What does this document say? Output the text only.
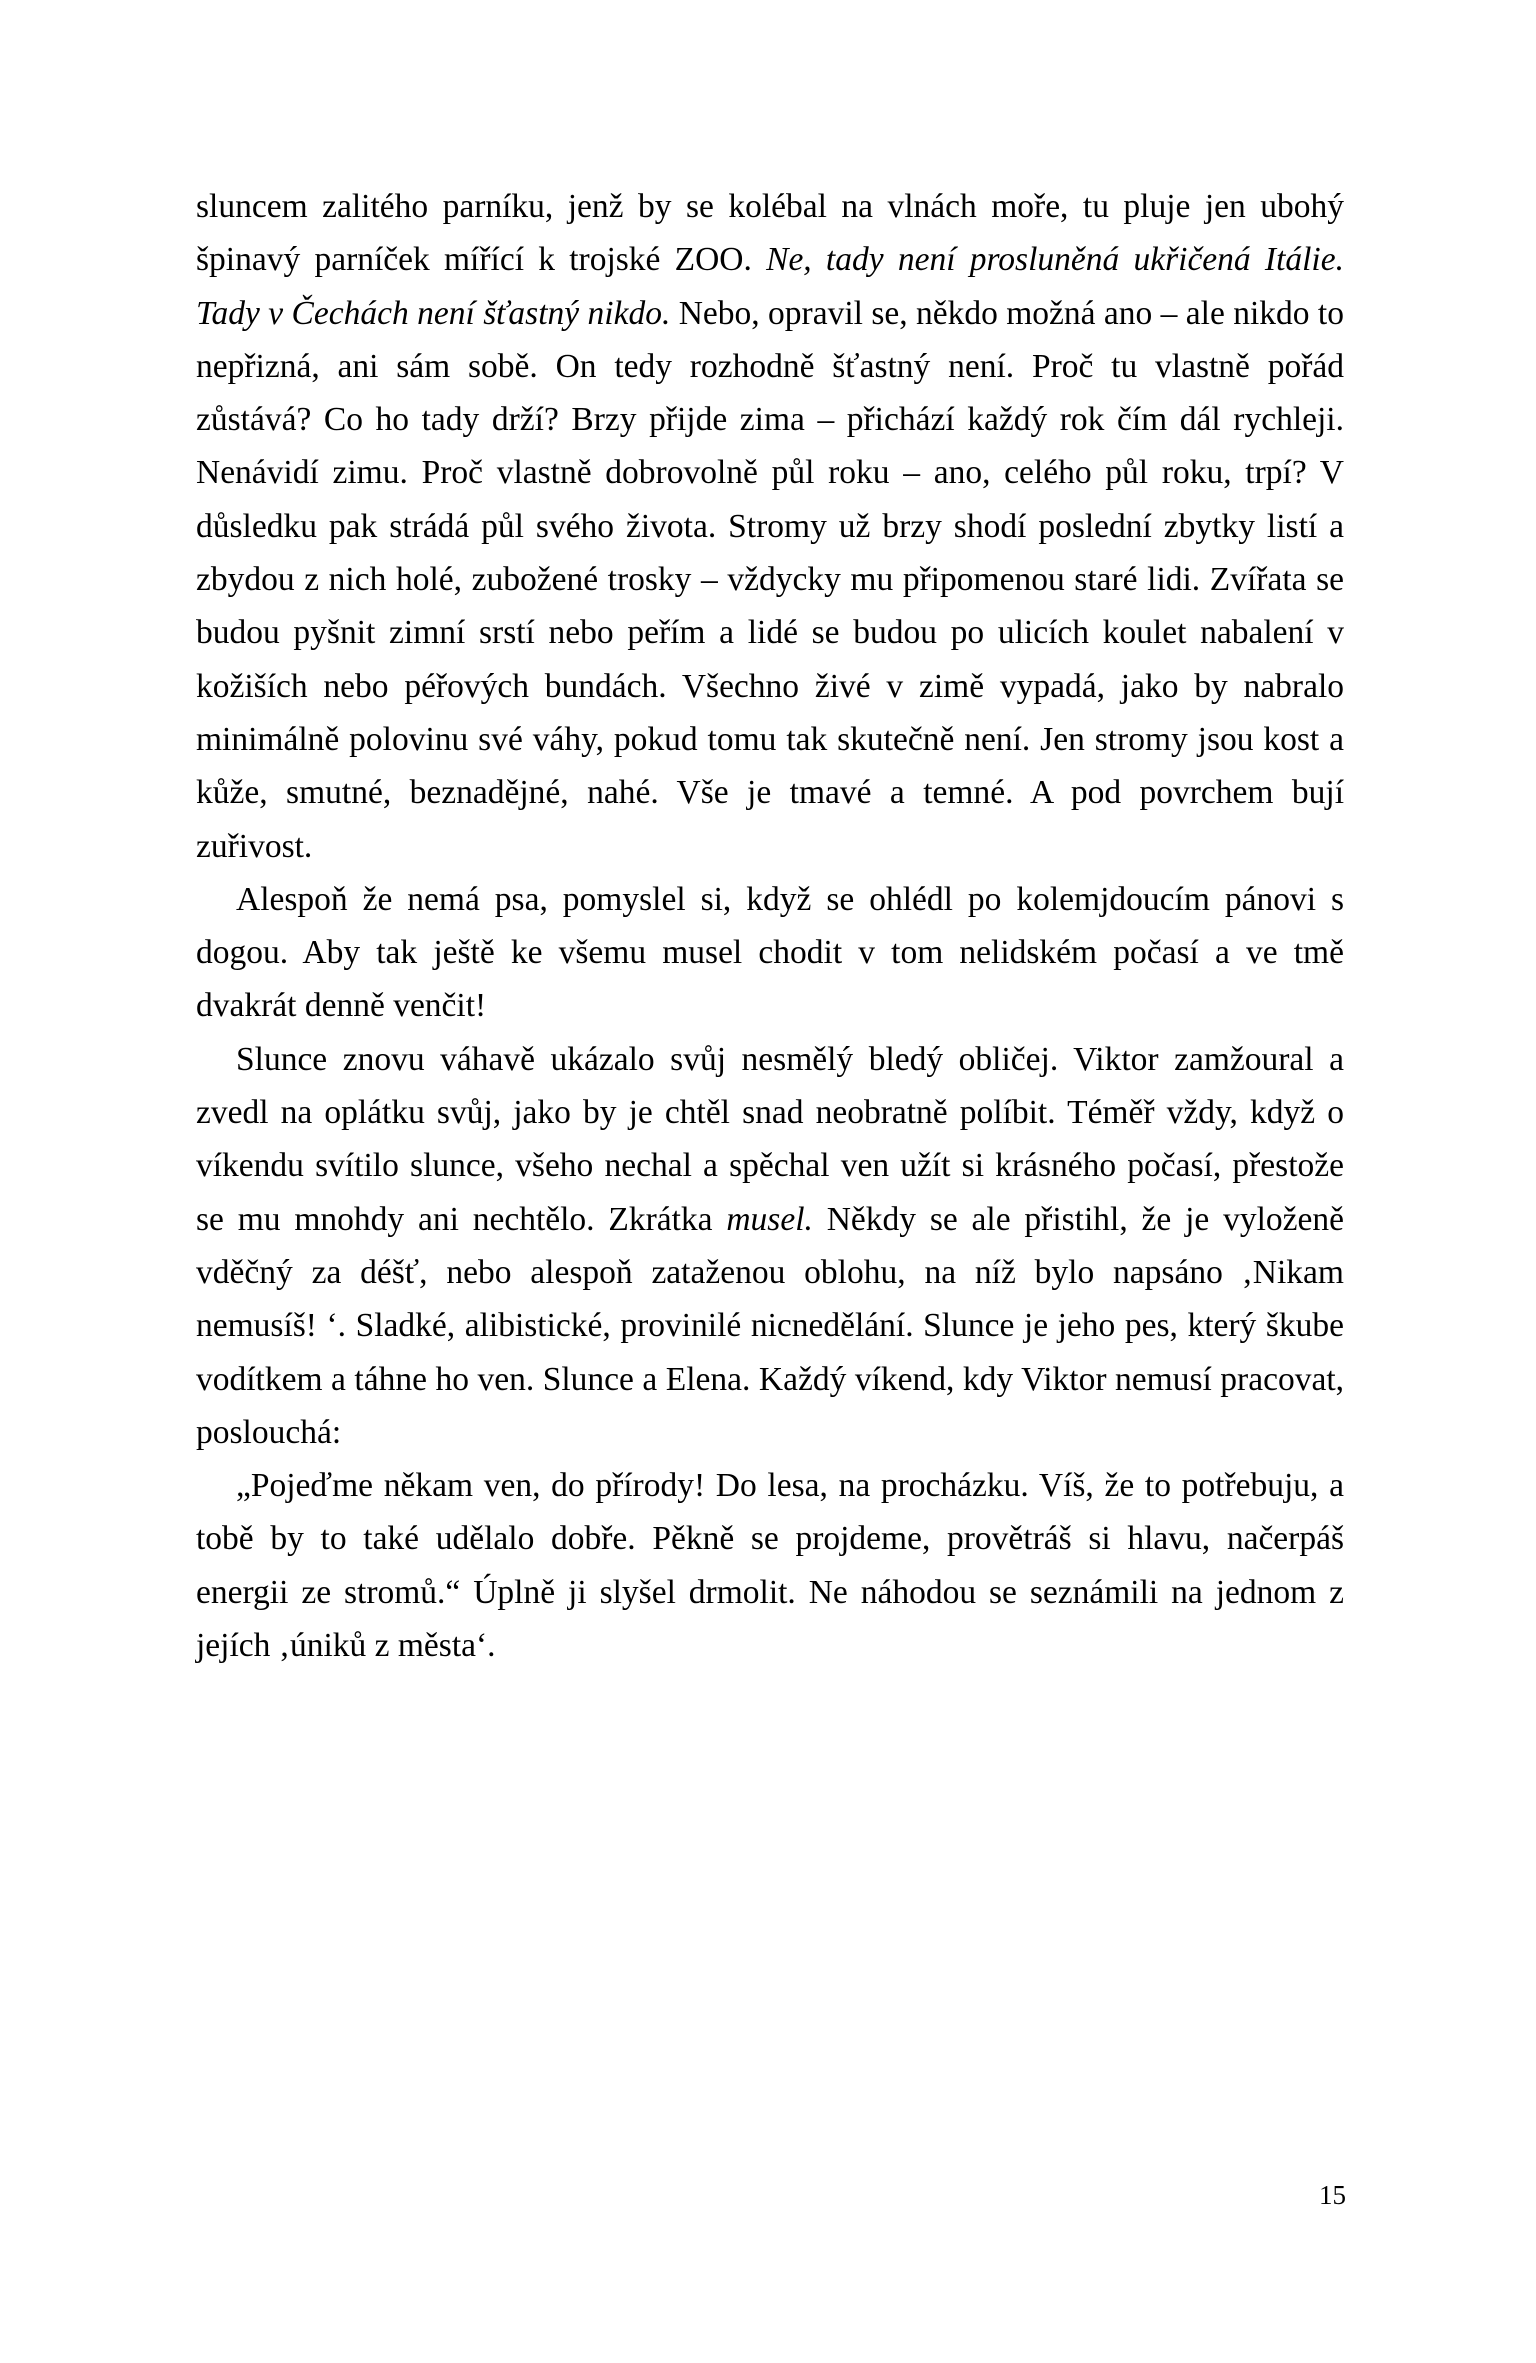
sluncem zalitého parníku, jenž by se kolébal na vlnách moře, tu pluje jen ubohý špinavý parníček mířící k trojské ZOO. Ne, tady není prosluněná ukřičená Itálie. Tady v Čechách není šťastný nikdo. Nebo, opravil se, někdo možná ano – ale nikdo to nepřizná, ani sám sobě. On tedy rozhodně šťastný není. Proč tu vlastně pořád zůstává? Co ho tady drží? Brzy přijde zima – přichází každý rok čím dál rychleji. Nenávidí zimu. Proč vlastně dobrovolně půl roku – ano, celého půl roku, trpí? V důsledku pak strádá půl svého života. Stromy už brzy shodí poslední zbytky listí a zbydou z nich holé, zubožené trosky – vždycky mu připomenou staré lidi. Zvířata se budou pyšnit zimní srstí nebo peřím a lidé se budou po ulicích koulet nabalení v kožiších nebo péřových bundách. Všechno živé v zimě vypadá, jako by nabralo minimálně polovinu své váhy, pokud tomu tak skutečně není. Jen stromy jsou kost a kůže, smutné, beznadějné, nahé. Vše je tmavé a temné. A pod povrchem bují zuřivost.

Alespoň že nemá psa, pomyslel si, když se ohlédl po kolemjdoucím pánovi s dogou. Aby tak ještě ke všemu musel chodit v tom nelidském počasí a ve tmě dvakrát denně venčit!

Slunce znovu váhavě ukázalo svůj nesmělý bledý obličej. Viktor zamžoural a zvedl na oplátku svůj, jako by je chtěl snad neobratně políbit. Téměř vždy, když o víkendu svítilo slunce, všeho nechal a spěchal ven užít si krásného počasí, přestože se mu mnohdy ani nechtělo. Zkrátka musel. Někdy se ale přistihl, že je vyloženě vděčný za déšť, nebo alespoň zataženou oblohu, na níž bylo napsáno ‚Nikam nemusíš! ‘. Sladké, alibistické, provinilé nicnedělání. Slunce je jeho pes, který škube vodítkem a táhne ho ven. Slunce a Elena. Každý víkend, kdy Viktor nemusí pracovat, poslouchá:

„Pojeďme někam ven, do přírody! Do lesa, na procházku. Víš, že to potřebuju, a tobě by to také udělalo dobře. Pěkně se projdeme, provětráš si hlavu, načerpáš energii ze stromů.“ Úplně ji slyšel drmolit. Ne náhodou se seznámili na jednom z jejích ‚úniků z města‘.

15
